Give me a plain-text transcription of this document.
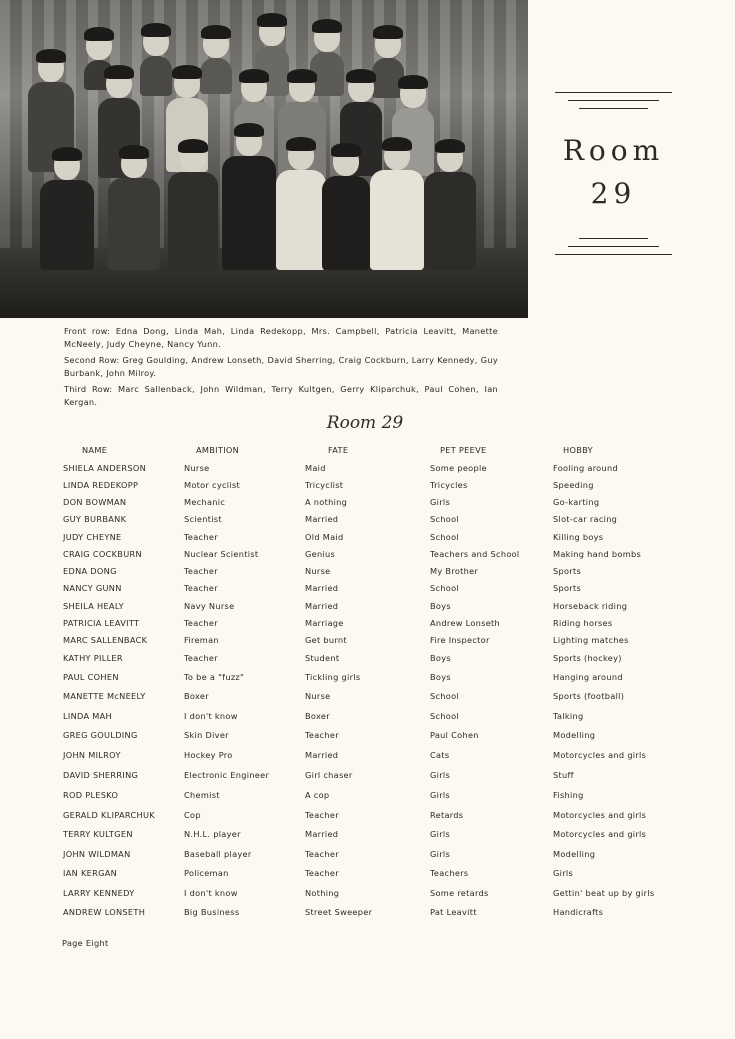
Room
29
Front row: Edna Dong, Linda Mah, Linda Redekopp, Mrs. Campbell, Patricia Leavitt, Manette McNeely, Judy Cheyne, Nancy Yunn.
Second Row: Greg Goulding, Andrew Lonseth, David Sherring, Craig Cockburn, Larry Kennedy, Guy Burbank, John Milroy.
Third Row: Marc Sallenback, John Wildman, Terry Kultgen, Gerry Kliparchuk, Paul Cohen, Ian Kergan.
Room 29
NAME	AMBITION	FATE	PET PEEVE	HOBBY
SHIELA ANDERSON	Nurse	Maid	Some people	Fooling around
LINDA REDEKOPP	Motor cyclist	Tricyclist	Tricycles	Speeding
DON BOWMAN	Mechanic	A nothing	Girls	Go-karting
GUY BURBANK	Scientist	Married	School	Slot-car racing
JUDY CHEYNE	Teacher	Old Maid	School	Killing boys
CRAIG COCKBURN	Nuclear Scientist	Genius	Teachers and School	Making hand bombs
EDNA DONG	Teacher	Nurse	My Brother	Sports
NANCY GUNN	Teacher	Married	School	Sports
SHEILA HEALY	Navy Nurse	Married	Boys	Horseback riding
PATRICIA LEAVITT	Teacher	Marriage	Andrew Lonseth	Riding horses
MARC SALLENBACK	Fireman	Get burnt	Fire Inspector	Lighting matches
KATHY PILLER	Teacher	Student	Boys	Sports (hockey)
PAUL COHEN	To be a "fuzz"	Tickling girls	Boys	Hanging around
MANETTE McNEELY	Boxer	Nurse	School	Sports (football)
LINDA MAH	I don't know	Boxer	School	Talking
GREG GOULDING	Skin Diver	Teacher	Paul Cohen	Modelling
JOHN MILROY	Hockey Pro	Married	Cats	Motorcycles and girls
DAVID SHERRING	Electronic Engineer	Girl chaser	Girls	Stuff
ROD PLESKO	Chemist	A cop	Girls	Fishing
GERALD KLIPARCHUK	Cop	Teacher	Retards	Motorcycles and girls
TERRY KULTGEN	N.H.L. player	Married	Girls	Motorcycles and girls
JOHN WILDMAN	Baseball player	Teacher	Girls	Modelling
IAN KERGAN	Policeman	Teacher	Teachers	Girls
LARRY KENNEDY	I don't know	Nothing	Some retards	Gettin' beat up by girls
ANDREW LONSETH	Big Business	Street Sweeper	Pat Leavitt	Handicrafts
Page Eight
